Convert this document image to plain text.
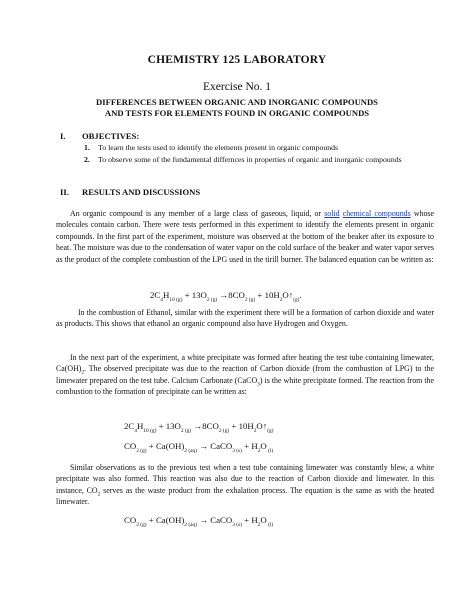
CHEMISTRY 125 LABORATORY
Exercise No. 1
DIFFERENCES BETWEEN ORGANIC AND INORGANIC COMPOUNDS
AND TESTS FOR ELEMENTS FOUND IN ORGANIC COMPOUNDS
I. OBJECTIVES:
1. To learn the tests used to identify the elements present in organic compounds
2. To observe some of the fundamental differnces in properties of organic and inorganic compounds
II. RESULTS AND DISCUSSIONS

An organic compound is any member of a large class of gaseous, liquid, or solid chemical compounds whose molecules contain carbon. There were tests performed in this experiment to identify the elements present in organic compounds. In the first part of the experiment, moisture was observed at the bottom of the beaker after its exposure to heat. The moisture was due to the condensation of water vapor on the cold surface of the beaker and water vapor serves as the product of the complete combustion of the LPG used in the tirill burner. The balanced equation can be written as:

$2C_4H_{10 (g)} + 13O_{2 (g)} \to 8CO_{2 (g)}$ + $10H_2O↑_{(g)}$.

In the combustion of Ethanol, similar with the experiment there will be a formation of carbon dioxide and water as products. This shows that ethanol an organic compound also have Hydrogen and Oxygen.

In the next part of the experiment, a white precipitate was formed after heating the test tube containing limewater, $Ca(OH)_2$. The observed precipitate was due to the reaction of Carbon dioxide (from the combustion of LPG) to the limewater prepared on the test tube. Calcium Carbonate (CaCO$_3$) is the white precipitate formed. The reaction from the combustion to the formation of precipitate can be written as:

$2C_4H_{10 (g)} + 13O_{2 (g)} \to 8CO_{2 (g)}$ + $10H_2O↑_{(g)}$
$CO_{2 (g)} + Ca(OH)_{2 (aq)}$ → CaCO$_{3 (s)}$ + $H_2O$ $_{(l)}$

Similar observations as to the previous test when a test tube containing limewater was constantly blew, a white precipitate was also formed. This reaction was also due to the reaction of Carbon dioxide and limewater. In this instance, $CO_2$ serves as the waste product from the exhalation process. The equation is the same as with the heated limewater.

$CO_{2 (g)} + Ca(OH)_{2 (aq)}$ → CaCO$_{3 (s)}$ + $H_2O$ $_{(l)}$
